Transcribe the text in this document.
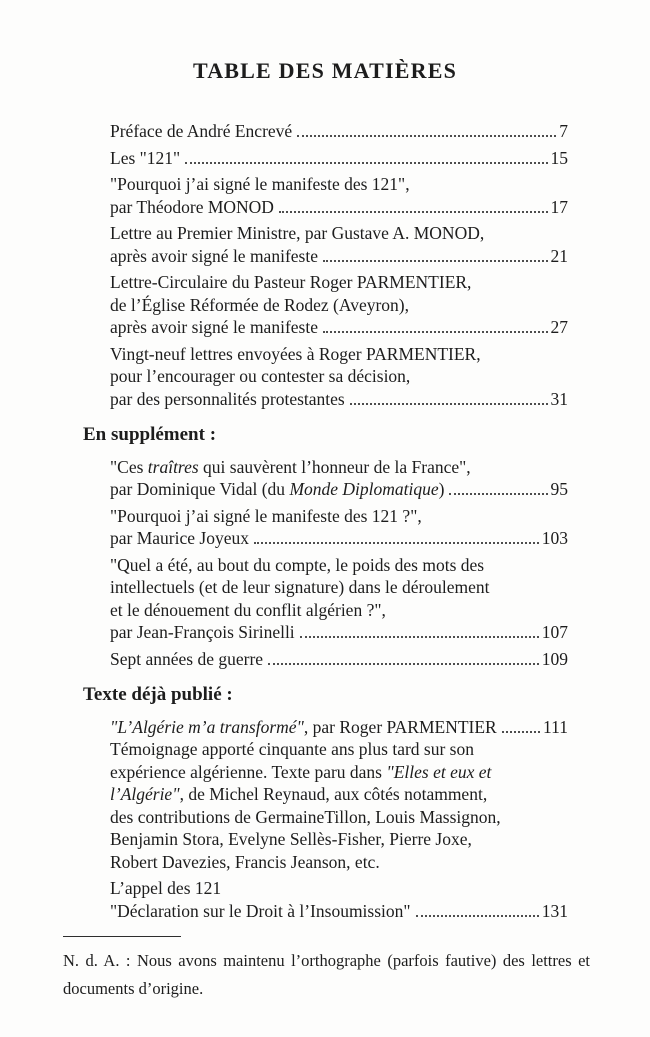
TABLE DES MATIÈRES
Préface de André Encrevé	7
Les "121"	15
"Pourquoi j’ai signé le manifeste des 121",
par Théodore MONOD	17
Lettre au Premier Ministre, par Gustave A. MONOD,
après avoir signé le manifeste	21
Lettre-Circulaire du Pasteur Roger PARMENTIER,
de l’Église Réformée de Rodez (Aveyron),
après avoir signé le manifeste	27
Vingt-neuf lettres envoyées à Roger PARMENTIER,
pour l’encourager ou contester sa décision,
par des personnalités protestantes	31
En supplément :
"Ces traîtres qui sauvèrent l’honneur de la France",
par Dominique Vidal (du Monde Diplomatique)	95
"Pourquoi j’ai signé le manifeste des 121 ?",
par Maurice Joyeux	103
"Quel a été, au bout du compte, le poids des mots des
intellectuels (et de leur signature) dans le déroulement
et le dénouement du conflit algérien ?",
par Jean-François Sirinelli	107
Sept années de guerre	109
Texte déjà publié :
"L’Algérie m’a transformé", par Roger PARMENTIER	111
Témoignage apporté cinquante ans plus tard sur son
expérience algérienne. Texte paru dans "Elles et eux et
l’Algérie", de Michel Reynaud, aux côtés notamment,
des contributions de GermaineTillon, Louis Massignon,
Benjamin Stora, Evelyne Sellès-Fisher, Pierre Joxe,
Robert Davezies, Francis Jeanson, etc.
L’appel des 121
"Déclaration sur le Droit à l’Insoumission"	131

N. d. A. : Nous avons maintenu l’orthographe (parfois fautive) des lettres et documents d’origine.
